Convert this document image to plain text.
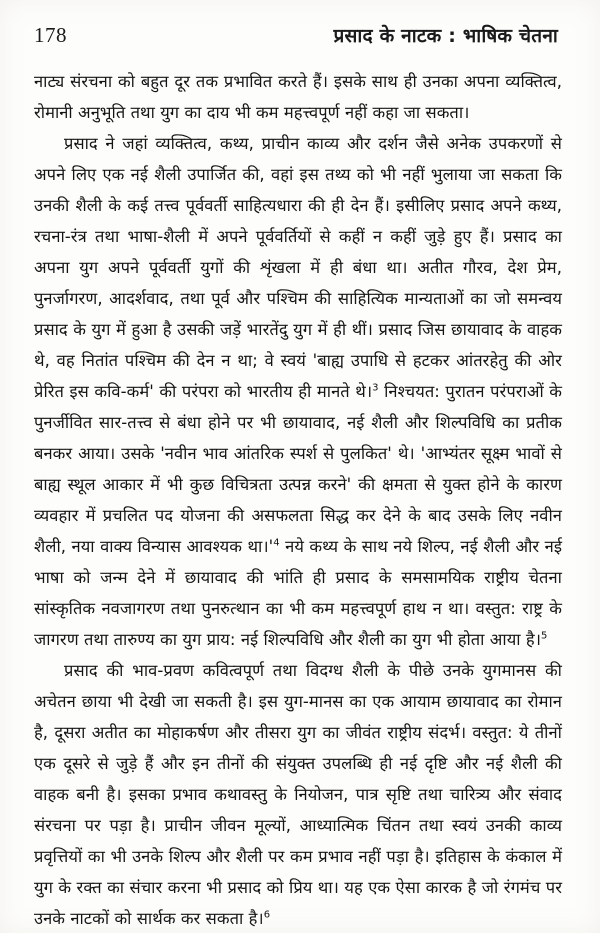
178	प्रसाद के नाटक : भाषिक चेतना

नाट्य संरचना को बहुत दूर तक प्रभावित करते हैं। इसके साथ ही उनका अपना व्यक्तित्व, रोमानी अनुभूति तथा युग का दाय भी कम महत्त्वपूर्ण नहीं कहा जा सकता।

प्रसाद ने जहां व्यक्तित्व, कथ्य, प्राचीन काव्य और दर्शन जैसे अनेक उपकरणों से अपने लिए एक नई शैली उपार्जित की, वहां इस तथ्य को भी नहीं भुलाया जा सकता कि उनकी शैली के कई तत्त्व पूर्ववर्ती साहित्यधारा की ही देन हैं। इसीलिए प्रसाद अपने कथ्य, रचना-रंत्र तथा भाषा-शैली में अपने पूर्ववर्तियों से कहीं न कहीं जुड़े हुए हैं। प्रसाद का अपना युग अपने पूर्ववर्ती युगों की शृंखला में ही बंधा था। अतीत गौरव, देश प्रेम, पुनर्जागरण, आदर्शवाद, तथा पूर्व और पश्चिम की साहित्यिक मान्यताओं का जो समन्वय प्रसाद के युग में हुआ है उसकी जड़ें भारतेंदु युग में ही थीं। प्रसाद जिस छायावाद के वाहक थे, वह नितांत पश्चिम की देन न था; वे स्वयं 'बाह्य उपाधि से हटकर आंतरहेतु की ओर प्रेरित इस कवि-कर्म' की परंपरा को भारतीय ही मानते थे।$^3$ निश्चयत: पुरातन परंपराओं के पुनर्जीवित सार-तत्त्व से बंधा होने पर भी छायावाद, नई शैली और शिल्पविधि का प्रतीक बनकर आया। उसके 'नवीन भाव आंतरिक स्पर्श से पुलकित' थे। 'आभ्यंतर सूक्ष्म भावों से बाह्य स्थूल आकार में भी कुछ विचित्रता उत्पन्न करने' की क्षमता से युक्त होने के कारण व्यवहार में प्रचलित पद योजना की असफलता सिद्ध कर देने के बाद उसके लिए नवीन शैली, नया वाक्य विन्यास आवश्यक $था।'^4$ नये कथ्य के साथ नये शिल्प, नई शैली और नई भाषा को जन्म देने में छायावाद की भांति ही प्रसाद के समसामयिक राष्ट्रीय चेतना सांस्कृतिक नवजागरण तथा पुनरुत्थान का भी कम महत्त्वपूर्ण हाथ न था। वस्तुत: राष्ट्र के जागरण तथा तारुण्य का युग प्राय: नई शिल्पविधि और शैली का युग भी होता आया है।$^5$

प्रसाद की भाव-प्रवण कवित्वपूर्ण तथा विदग्ध शैली के पीछे उनके युगमानस की अचेतन छाया भी देखी जा सकती है। इस युग-मानस का एक आयाम छायावाद का रोमान है, दूसरा अतीत का मोहाकर्षण और तीसरा युग का जीवंत राष्ट्रीय संदर्भ। वस्तुत: ये तीनों एक दूसरे से जुड़े हैं और इन तीनों की संयुक्त उपलब्धि ही नई दृष्टि और नई शैली की वाहक बनी है। इसका प्रभाव कथावस्तु के नियोजन, पात्र सृष्टि तथा चारित्र्य और संवाद संरचना पर पड़ा है। प्राचीन जीवन मूल्यों, आध्यात्मिक चिंतन तथा स्वयं उनकी काव्य प्रवृत्तियों का भी उनके शिल्प और शैली पर कम प्रभाव नहीं पड़ा है। इतिहास के कंकाल में युग के रक्त का संचार करना भी प्रसाद को प्रिय था। यह एक ऐसा कारक है जो रंगमंच पर उनके नाटकों को सार्थक कर सकता है।$^6$
